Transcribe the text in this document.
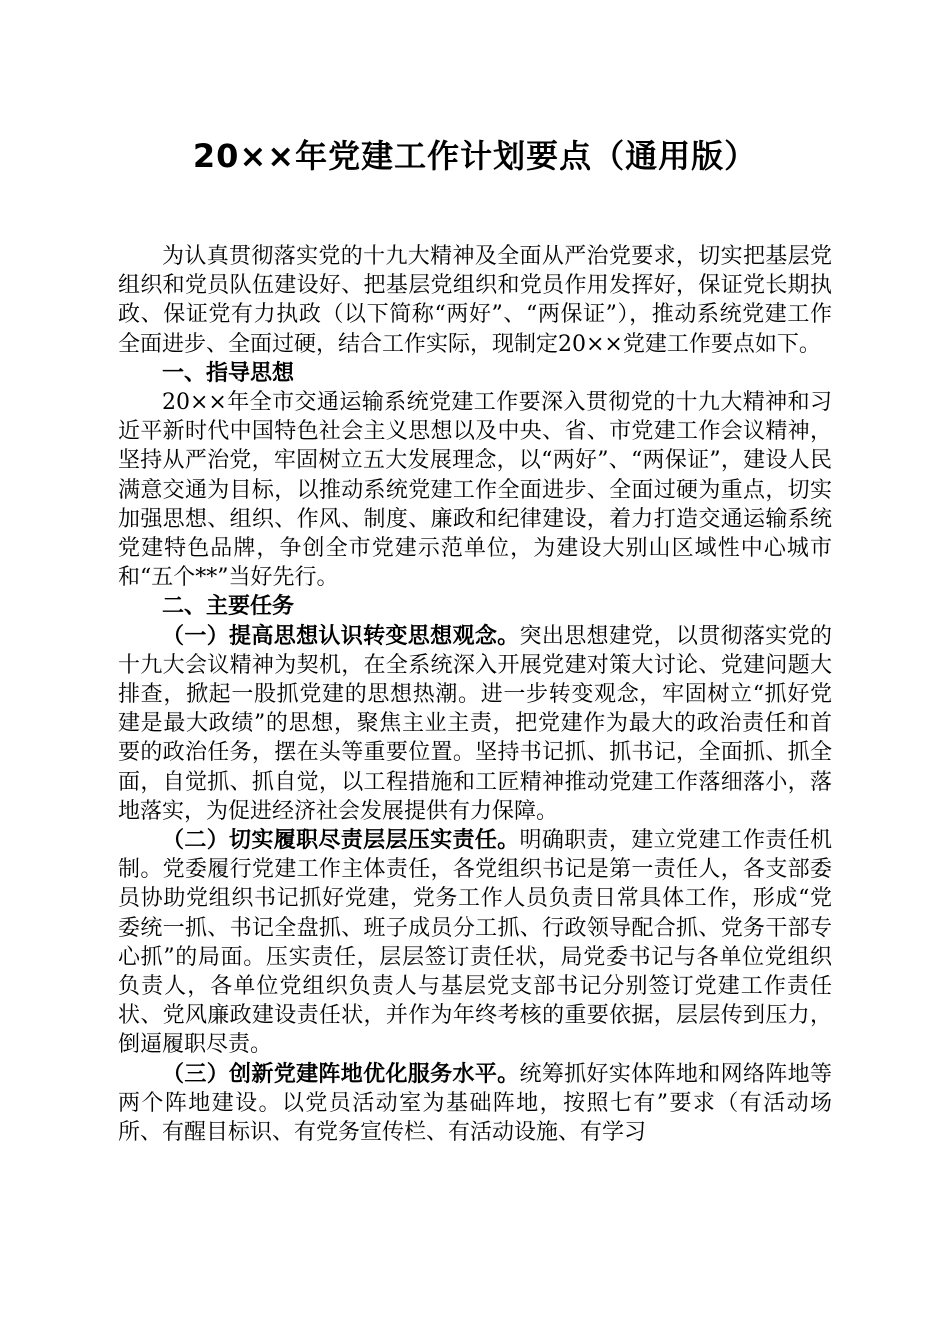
20××年党建工作计划要点（通用版）

为认真贯彻落实党的十九大精神及全面从严治党要求，切实把基层党组织和党员队伍建设好、把基层党组织和党员作用发挥好，保证党长期执政、保证党有力执政（以下简称“两好”、“两保证”），推动系统党建工作全面进步、全面过硬，结合工作实际，现制定20××党建工作要点如下。

一、指导思想

20××年全市交通运输系统党建工作要深入贯彻党的十九大精神和习近平新时代中国特色社会主义思想以及中央、省、市党建工作会议精神，坚持从严治党，牢固树立五大发展理念，以“两好”、“两保证”，建设人民满意交通为目标，以推动系统党建工作全面进步、全面过硬为重点，切实加强思想、组织、作风、制度、廉政和纪律建设，着力打造交通运输系统党建特色品牌，争创全市党建示范单位，为建设大别山区域性中心城市和“五个**”当好先行。

二、主要任务

（一）提高思想认识转变思想观念。突出思想建党，以贯彻落实党的十九大会议精神为契机，在全系统深入开展党建对策大讨论、党建问题大排查，掀起一股抓党建的思想热潮。进一步转变观念，牢固树立“抓好党建是最大政绩”的思想，聚焦主业主责，把党建作为最大的政治责任和首要的政治任务，摆在头等重要位置。坚持书记抓、抓书记，全面抓、抓全面，自觉抓、抓自觉，以工程措施和工匠精神推动党建工作落细落小，落地落实，为促进经济社会发展提供有力保障。

（二）切实履职尽责层层压实责任。明确职责，建立党建工作责任机制。党委履行党建工作主体责任，各党组织书记是第一责任人，各支部委员协助党组织书记抓好党建，党务工作人员负责日常具体工作，形成“党委统一抓、书记全盘抓、班子成员分工抓、行政领导配合抓、党务干部专心抓”的局面。压实责任，层层签订责任状，局党委书记与各单位党组织负责人，各单位党组织负责人与基层党支部书记分别签订党建工作责任状、党风廉政建设责任状，并作为年终考核的重要依据，层层传到压力，倒逼履职尽责。

（三）创新党建阵地优化服务水平。统筹抓好实体阵地和网络阵地等两个阵地建设。以党员活动室为基础阵地，按照七有”要求（有活动场所、有醒目标识、有党务宣传栏、有活动设施、有学习
